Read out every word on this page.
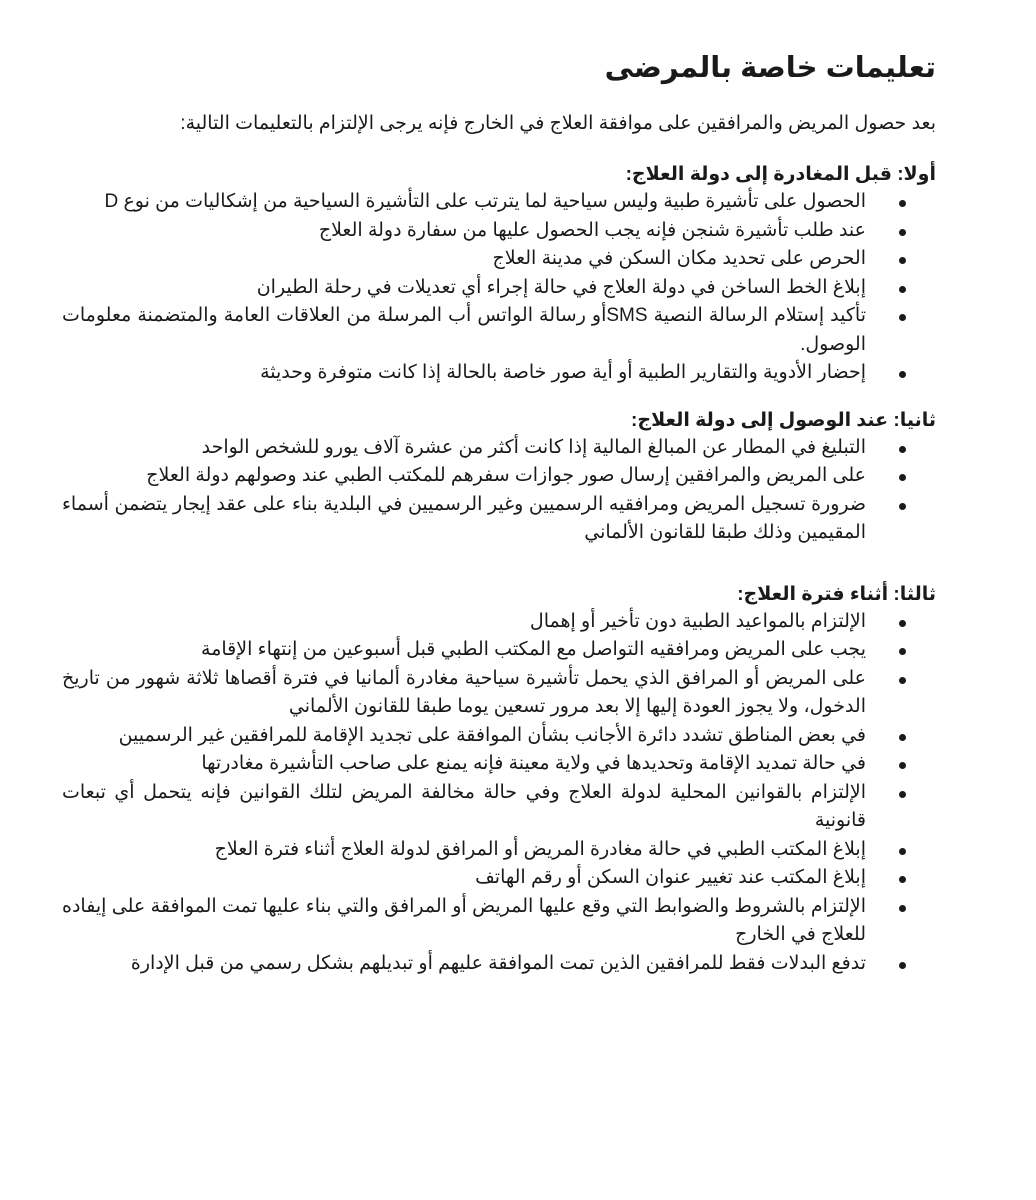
تعليمات خاصة بالمرضى

بعد حصول المريض والمرافقين على موافقة العلاج في الخارج فإنه يرجى الإلتزام بالتعليمات التالية:

أولا: قبل المغادرة إلى دولة العلاج:

الحصول على تأشيرة طبية وليس سياحية لما يترتب على التأشيرة السياحية من إشكاليات من نوع D
عند طلب تأشيرة شنجن فإنه يجب الحصول عليها من سفارة دولة العلاج
الحرص على تحديد مكان السكن في مدينة العلاج
إبلاغ الخط الساخن في دولة العلاج في حالة إجراء أي تعديلات في رحلة الطيران
تأكيد إستلام الرسالة النصية SMSأو رسالة الواتس أب المرسلة من العلاقات العامة والمتضمنة معلومات الوصول.
إحضار الأدوية والتقارير الطبية أو أية صور خاصة بالحالة إذا كانت متوفرة وحديثة

ثانيا: عند الوصول إلى دولة العلاج:

التبليغ في المطار عن المبالغ المالية إذا كانت أكثر من عشرة آلاف يورو للشخص الواحد
على المريض والمرافقين إرسال صور جوازات سفرهم للمكتب الطبي عند وصولهم دولة العلاج
ضرورة تسجيل المريض ومرافقيه الرسميين وغير الرسميين في البلدية بناء على عقد إيجار يتضمن أسماء المقيمين وذلك طبقا للقانون الألماني

ثالثا: أثناء فترة العلاج:

الإلتزام بالمواعيد الطبية دون تأخير أو إهمال
يجب على المريض ومرافقيه التواصل مع المكتب الطبي قبل أسبوعين من إنتهاء الإقامة
على المريض أو المرافق الذي يحمل تأشيرة سياحية مغادرة ألمانيا في فترة أقصاها ثلاثة شهور من تاريخ الدخول، ولا يجوز العودة إليها إلا بعد مرور تسعين يوما طبقا للقانون الألماني
في بعض المناطق تشدد دائرة الأجانب بشأن الموافقة على تجديد الإقامة للمرافقين غير الرسميين
في حالة تمديد الإقامة وتحديدها في ولاية معينة فإنه يمنع على صاحب التأشيرة مغادرتها
الإلتزام بالقوانين المحلية لدولة العلاج وفي حالة مخالفة المريض لتلك القوانين فإنه يتحمل أي تبعات قانونية
إبلاغ المكتب الطبي في حالة مغادرة المريض أو المرافق لدولة العلاج أثناء فترة العلاج
إبلاغ المكتب عند تغيير عنوان السكن أو رقم الهاتف
الإلتزام بالشروط والضوابط التي وقع عليها المريض أو المرافق والتي بناء عليها تمت الموافقة على إيفاده للعلاج في الخارج
تدفع البدلات فقط للمرافقين الذين تمت الموافقة عليهم أو تبديلهم بشكل رسمي من قبل الإدارة
